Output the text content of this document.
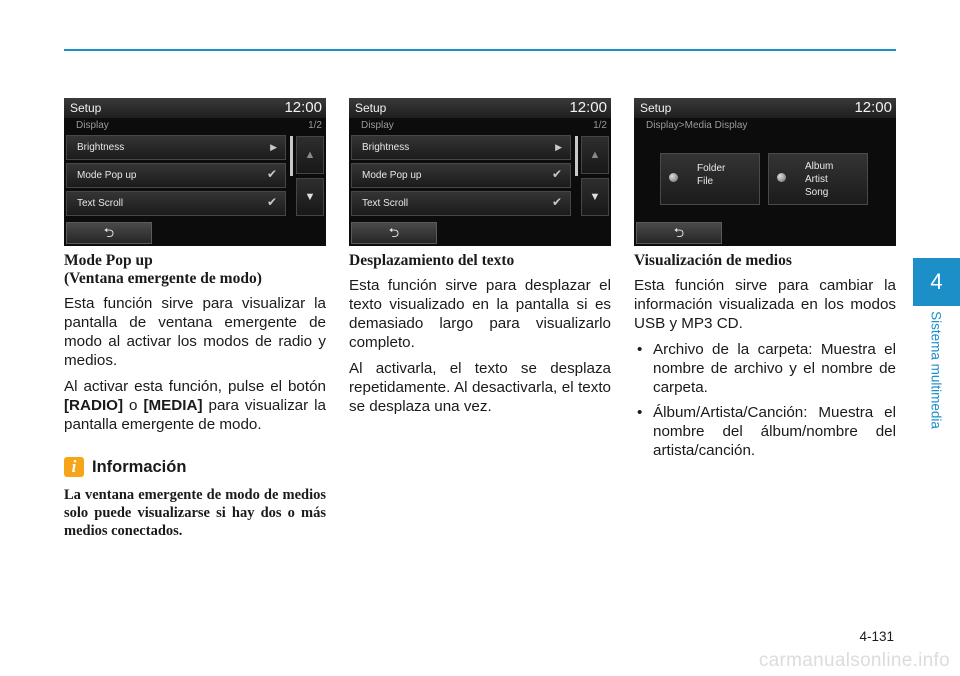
Setup	12:00
Display	1/2
Brightness	▶
Mode Pop up	✔
Text Scroll	✔
▲
▼
⮌
Setup	12:00
Display	1/2
Brightness	▶
Mode Pop up	✔
Text Scroll	✔
▲
▼
⮌
Setup	12:00
Display>Media Display
Folder
File
Album
Artist
Song
⮌
Mode Pop up
(Ventana emergente de modo)

Esta función sirve para visualizar la pantalla de ventana emergente de modo al activar los modos de radio y medios.

Al activar esta función, pulse el botón [RADIO] o [MEDIA] para visualizar la pantalla emergente de modo.

i Información
La ventana emergente de modo de medios solo puede visualizarse si hay dos o más medios conectados.
Desplazamiento del texto

Esta función sirve para desplazar el texto visualizado en la pantalla si es demasiado largo para visualizarlo completo.

Al activarla, el texto se desplaza repetidamente. Al desactivarla, el texto se desplaza una vez.

Visualización de medios

Esta función sirve para cambiar la información visualizada en los modos USB y MP3 CD.

• Archivo de la carpeta: Muestra el nombre de archivo y el nombre de carpeta.
• Álbum/Artista/Canción: Muestra el nombre del álbum/nombre del artista/canción.
4
Sistema multimedia
4-131
carmanualsonline.info
